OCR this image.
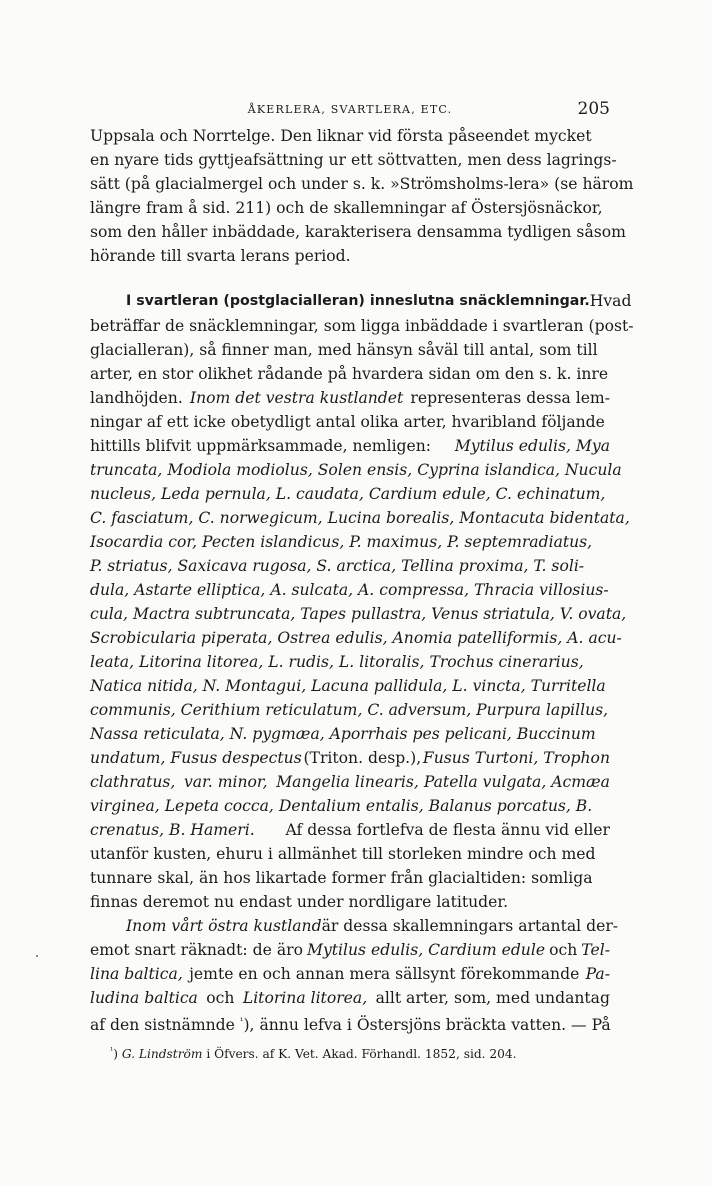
ÅKERLERA, SVARTLERA, ETC.	205
Uppsala och Norrtelge. Den liknar vid första påseendet mycket
en nyare tids gyttjeafsättning ur ett söttvatten, men dess lagrings-
sätt (på glacialmergel och under s. k. »Strömsholms-lera» (se härom
längre fram å sid. 211) och de skallemningar af Östersjösnäckor,
som den håller inbäddade, karakterisera densamma tydligen såsom
hörande till svarta lerans period.
I svartleran (postglacialleran) inneslutna snäcklemningar. Hvad
beträffar de snäcklemningar, som ligga inbäddade i svartleran (post-
glacialleran), så finner man, med hänsyn såväl till antal, som till
arter, en stor olikhet rådande på hvardera sidan om den s. k. inre
landhöjden. Inom det vestra kustlandet representeras dessa lem-
ningar af ett icke obetydligt antal olika arter, hvaribland följande
hittills blifvit uppmärksammade, nemligen: Mytilus edulis, Mya
truncata, Modiola modiolus, Solen ensis, Cyprina islandica, Nucula
nucleus, Leda pernula, L. caudata, Cardium edule, C. echinatum,
C. fasciatum, C. norwegicum, Lucina borealis, Montacuta bidentata,
Isocardia cor, Pecten islandicus, P. maximus, P. septemradiatus,
P. striatus, Saxicava rugosa, S. arctica, Tellina proxima, T. soli-
dula, Astarte elliptica, A. sulcata, A. compressa, Thracia villosius-
cula, Mactra subtruncata, Tapes pullastra, Venus striatula, V. ovata,
Scrobicularia piperata, Ostrea edulis, Anomia patelliformis, A. acu-
leata, Litorina litorea, L. rudis, L. litoralis, Trochus cinerarius,
Natica nitida, N. Montagui, Lacuna pallidula, L. vincta, Turritella
communis, Cerithium reticulatum, C. adversum, Purpura lapillus,
Nassa reticulata, N. pygmæa, Aporrhais pes pelicani, Buccinum
undatum, Fusus despectus (Triton. desp.), Fusus Turtoni, Trophon
clathratus, var. minor, Mangelia linearis, Patella vulgata, Acmæa
virginea, Lepeta cocca, Dentalium entalis, Balanus porcatus, B.
crenatus, B. Hameri. Af dessa fortlefva de flesta ännu vid eller
utanför kusten, ehuru i allmänhet till storleken mindre och med
tunnare skal, än hos likartade former från glacialtiden: somliga
finnas deremot nu endast under nordligare latituder.
Inom vårt östra kustland är dessa skallemningars artantal der-
emot snart räknadt: de äro Mytilus edulis, Cardium edule och Tel-
lina baltica, jemte en och annan mera sällsynt förekommande Pa-
ludina baltica och Litorina litorea, allt arter, som, med undantag
af den sistnämnde $^{^1}$), ännu lefva i Östersjöns bräckta vatten. — På
$^{^1}$) G. Lindström i Öfvers. af K. Vet. Akad. Förhandl. 1852, sid. 204.
